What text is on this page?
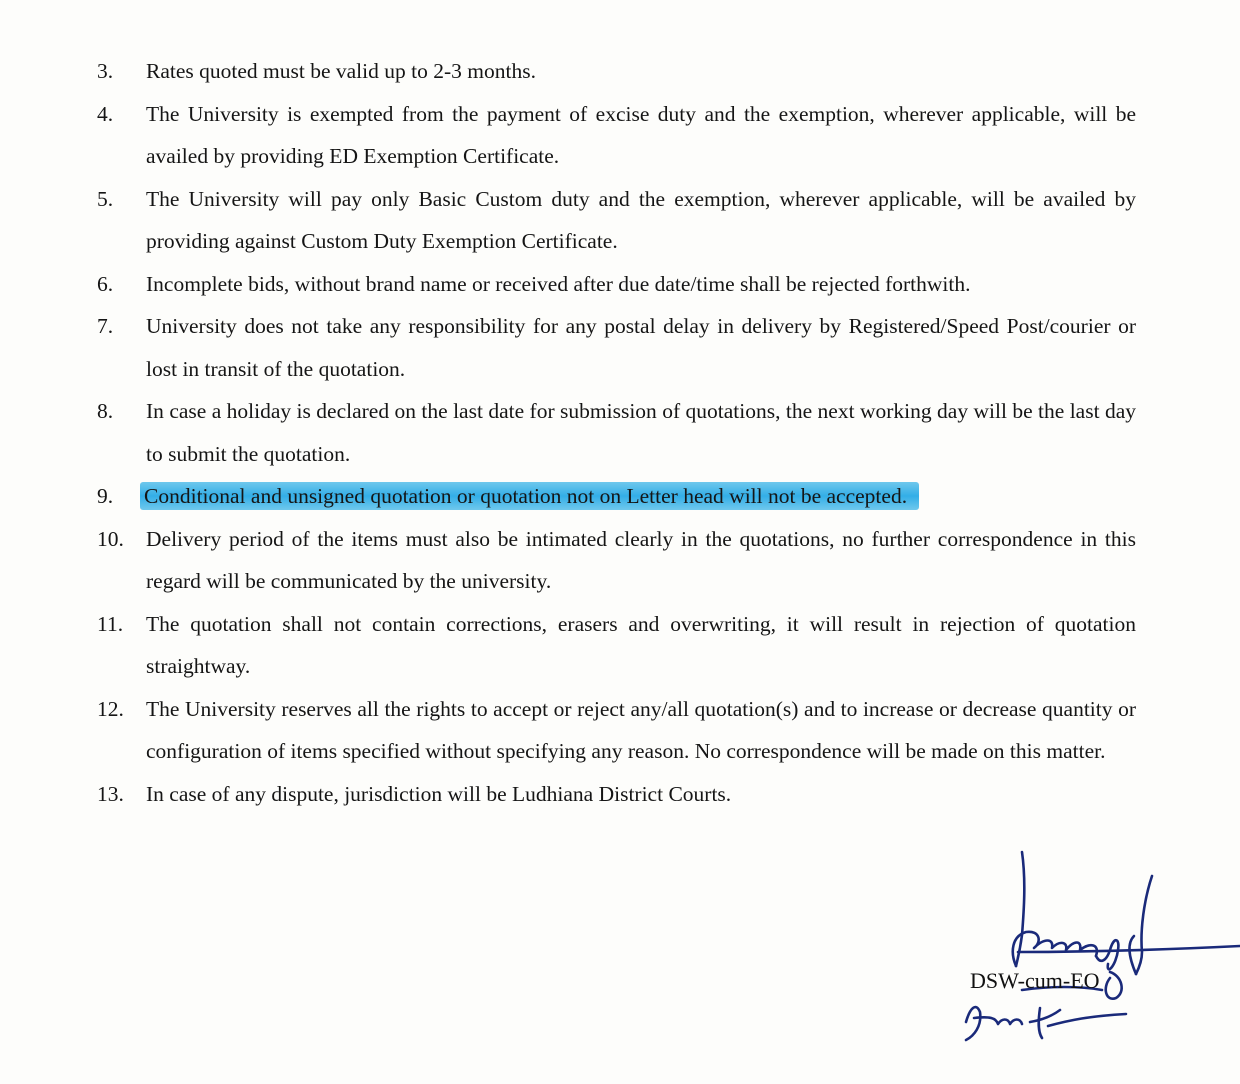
3.	Rates quoted must be valid up to 2-3 months.
4.	The University is exempted from the payment of excise duty and the exemption, wherever applicable, will be availed by providing ED Exemption Certificate.
5.	The University will pay only Basic Custom duty and the exemption, wherever applicable, will be availed by providing against Custom Duty Exemption Certificate.
6.	Incomplete bids, without brand name or received after due date/time shall be rejected forthwith.
7.	University does not take any responsibility for any postal delay in delivery by Registered/Speed Post/courier or lost in transit of the quotation.
8.	In case a holiday is declared on the last date for submission of quotations, the next working day will be the last day to submit the quotation.
9.	Conditional and unsigned quotation or quotation not on Letter head will not be accepted.
10.	Delivery period of the items must also be intimated clearly in the quotations, no further correspondence in this regard will be communicated by the university.
11.	The quotation shall not contain corrections, erasers and overwriting, it will result in rejection of quotation straightway.
12.	The University reserves all the rights to accept or reject any/all quotation(s) and to increase or decrease quantity or configuration of items specified without specifying any reason. No correspondence will be made on this matter.
13.	In case of any dispute, jurisdiction will be Ludhiana District Courts.
DSW-cum-EO
